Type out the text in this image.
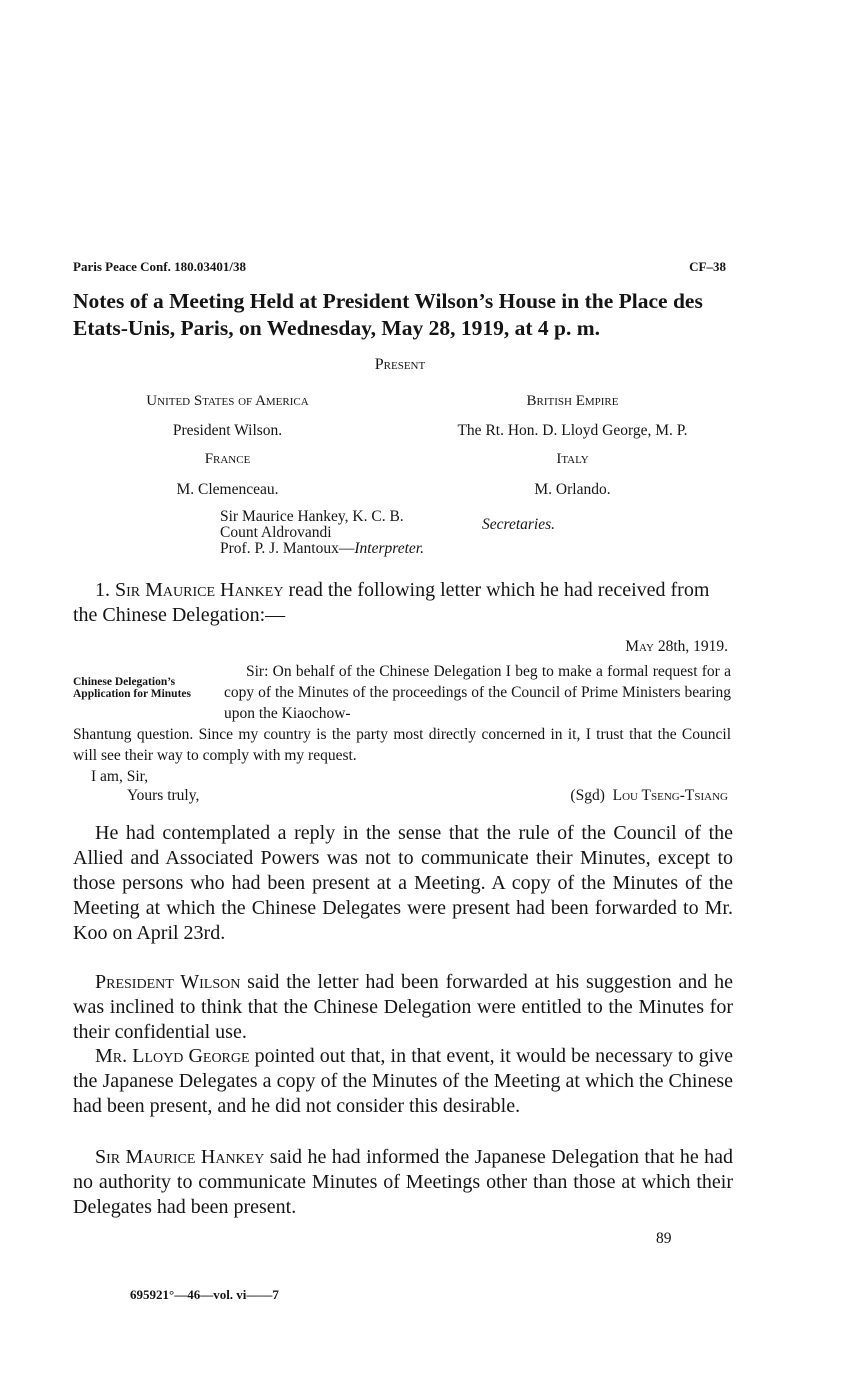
Paris Peace Conf. 180.03401/38	CF–38
Notes of a Meeting Held at President Wilson’s House in the Place des Etats-Unis, Paris, on Wednesday, May 28, 1919, at 4 p. m.
Present
United States of America	British Empire
President Wilson.	The Rt. Hon. D. Lloyd George, M. P.
France	Italy
M. Clemenceau.	M. Orlando.
Sir Maurice Hankey, K. C. B.
Count Aldrovandi
Prof. P. J. Mantoux—Interpreter.
Secretaries.
1. Sir Maurice Hankey read the following letter which he had received from the Chinese Delegation:—
May 28th, 1919.
Chinese Delegation’s Application for Minutes
Sir: On behalf of the Chinese Delegation I beg to make a formal request for a copy of the Minutes of the proceedings of the Council of Prime Ministers bearing upon the Kiaochow-
Shantung question. Since my country is the party most directly concerned in it, I trust that the Council will see their way to comply with my request.
I am, Sir,
Yours truly,	(Sgd) Lou Tseng-Tsiang
He had contemplated a reply in the sense that the rule of the Council of the Allied and Associated Powers was not to communicate their Minutes, except to those persons who had been present at a Meeting. A copy of the Minutes of the Meeting at which the Chinese Delegates were present had been forwarded to Mr. Koo on April 23rd.
President Wilson said the letter had been forwarded at his suggestion and he was inclined to think that the Chinese Delegation were entitled to the Minutes for their confidential use.
Mr. Lloyd George pointed out that, in that event, it would be necessary to give the Japanese Delegates a copy of the Minutes of the Meeting at which the Chinese had been present, and he did not consider this desirable.
Sir Maurice Hankey said he had informed the Japanese Delegation that he had no authority to communicate Minutes of Meetings other than those at which their Delegates had been present.
89
695921°—46—vol. vi——7
